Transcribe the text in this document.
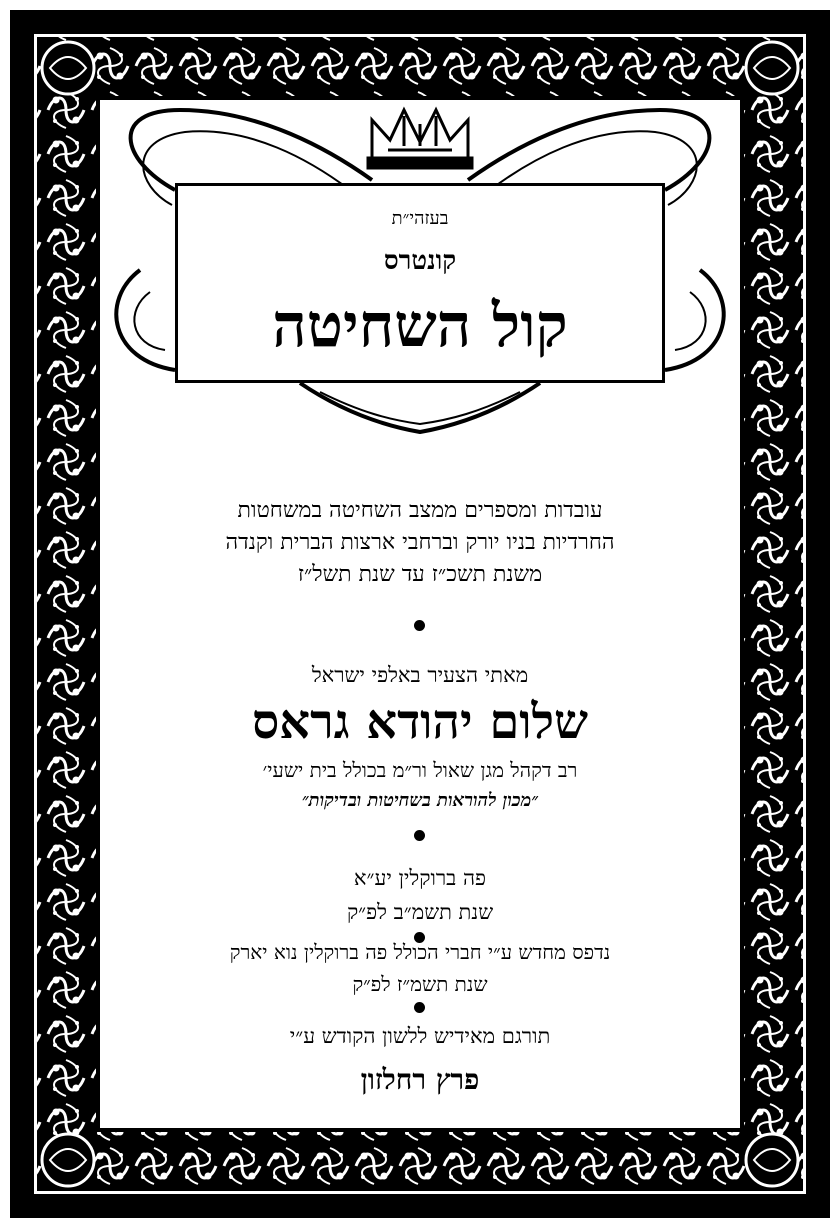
בעזהי״ת
קונטרס
קול השחיטה
עובדות ומספרים ממצב השחיטה במשחטות
החרדיות בניו יורק וברחבי ארצות הברית וקנדה
משנת תשכ״ז עד שנת תשל״ז
מאתי הצעיר באלפי ישראל
שלום יהודא גראס
רב דקהל מגן שאול ור״מ בכולל בית ישעי׳
״מכון להוראות בשחיטות ובדיקות״
פה ברוקלין יע״א
שנת תשמ״ב לפ״ק
נדפס מחדש ע״י חברי הכולל פה ברוקלין נוא יארק
שנת תשמ״ז לפ״ק
תורגם מאידיש ללשון הקודש ע״י
פרץ רחלזון
